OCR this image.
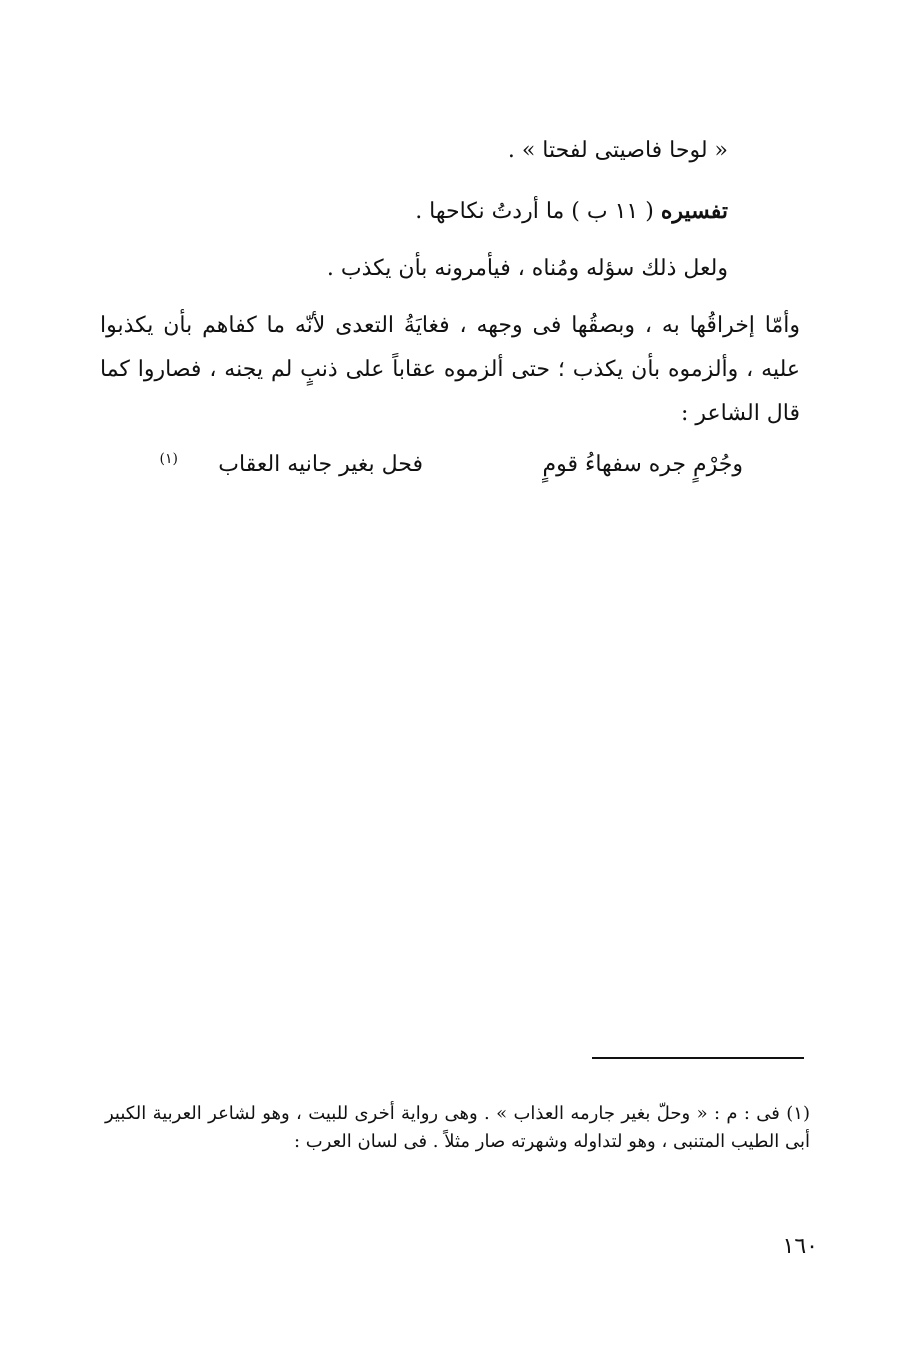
« لوحا فاصيتى لفحتا » .
تفسيره ( ١١ ب ) ما أردتُ نكاحها .
ولعل ذلك سؤله ومُناه ، فيأمرونه بأن يكذب .
وأمّا إخراقُها به ، وبصقُها فى وجهه ، فغايَةُ التعدى لأنّه ما كفاهم بأن يكذبوا عليه ، وألزموه بأن يكذب ؛ حتى ألزموه عقاباً على ذنبٍ لم يجنه ، فصاروا كما قال الشاعر :
وجُرْمٍ جره سفهاءُ قومٍ
فحل بغير جانيه العقاب
(١)
(١) فى : م : « وحلّ بغير جارمه العذاب » . وهى رواية أخرى للبيت ، وهو لشاعر العربية الكبير أبى الطيب المتنبى ، وهو لتداوله وشهرته صار مثلاً . فى لسان العرب :
١٦٠
